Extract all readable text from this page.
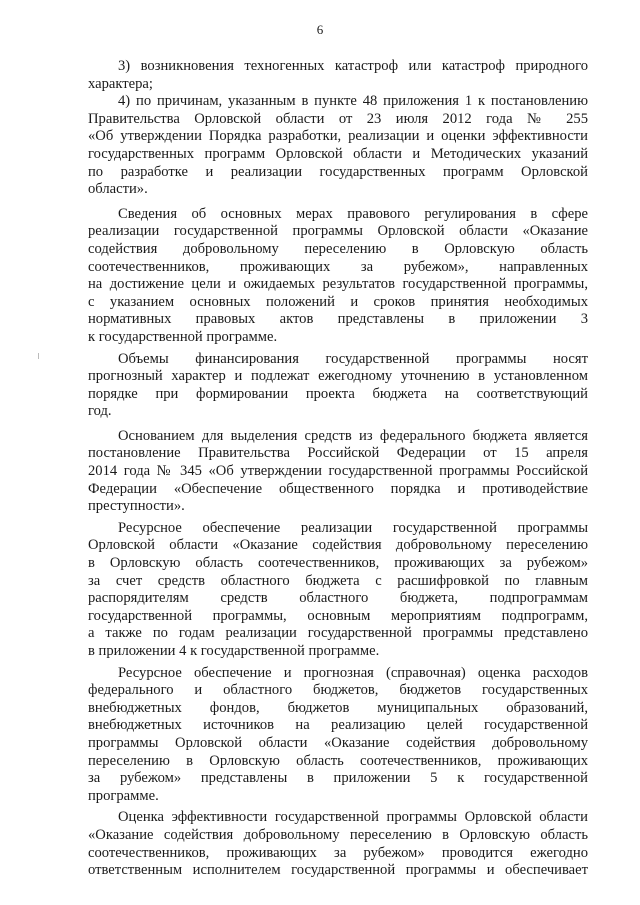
6

3) возникновения техногенных катастроф или катастроф природного

характера;

4) по причинам, указанным в пункте 48 приложения 1 к постановлению

Правительства Орловской области от 23 июля 2012 года № 255

«Об утверждении Порядка разработки, реализации и оценки эффективности

государственных программ Орловской области и Методических указаний

по разработке и реализации государственных программ Орловской

области».

Сведения об основных мерах правового регулирования в сфере

реализации государственной программы Орловской области «Оказание

содействия добровольному переселению в Орловскую область

соотечественников, проживающих за рубежом», направленных

на достижение цели и ожидаемых результатов государственной программы,

с указанием основных положений и сроков принятия необходимых

нормативных правовых актов представлены в приложении 3

к государственной программе.

Объемы финансирования государственной программы носят

прогнозный характер и подлежат ежегодному уточнению в установленном

порядке при формировании проекта бюджета на соответствующий

год.

Основанием для выделения средств из федерального бюджета является

постановление Правительства Российской Федерации от 15 апреля

2014 года № 345 «Об утверждении государственной программы Российской

Федерации «Обеспечение общественного порядка и противодействие

преступности».

Ресурсное обеспечение реализации государственной программы

Орловской области «Оказание содействия добровольному переселению

в Орловскую область соотечественников, проживающих за рубежом»

за счет средств областного бюджета с расшифровкой по главным

распорядителям средств областного бюджета, подпрограммам

государственной программы, основным мероприятиям подпрограмм,

а также по годам реализации государственной программы представлено

в приложении 4 к государственной программе.

Ресурсное обеспечение и прогнозная (справочная) оценка расходов

федерального и областного бюджетов, бюджетов государственных

внебюджетных фондов, бюджетов муниципальных образований,

внебюджетных источников на реализацию целей государственной

программы Орловской области «Оказание содействия добровольному

переселению в Орловскую область соотечественников, проживающих

за рубежом» представлены в приложении 5 к государственной

программе.

Оценка эффективности государственной программы Орловской области

«Оказание содействия добровольному переселению в Орловскую область

соотечественников, проживающих за рубежом» проводится ежегодно

ответственным исполнителем государственной программы и обеспечивает
